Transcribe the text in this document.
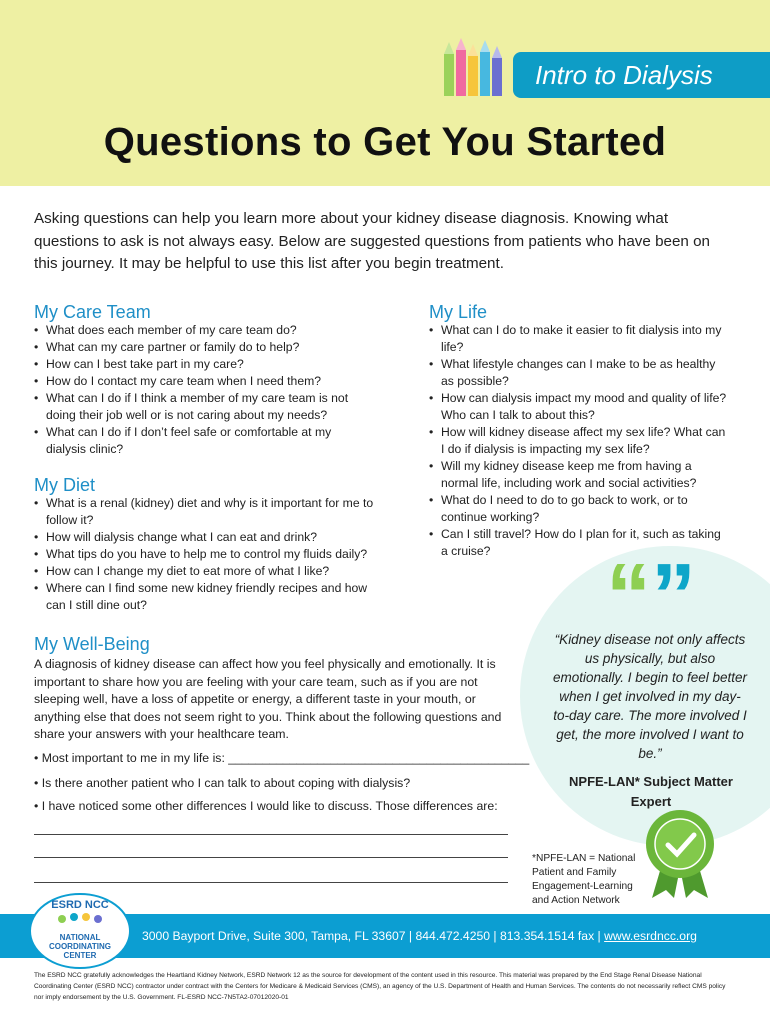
Intro to Dialysis
Questions to Get You Started
Asking questions can help you learn more about your kidney disease diagnosis. Knowing what questions to ask is not always easy. Below are suggested questions from patients who have been on this journey. It may be helpful to use this list after you begin treatment.
My Care Team
• What does each member of my care team do?
• What can my care partner or family do to help?
• How can I best take part in my care?
• How do I contact my care team when I need them?
• What can I do if I think a member of my care team is not doing their job well or is not caring about my needs?
• What can I do if I don’t feel safe or comfortable at my dialysis clinic?
My Diet
• What is a renal (kidney) diet and why is it important for me to follow it?
• How will dialysis change what I can eat and drink?
• What tips do you have to help me to control my fluids daily?
• How can I change my diet to eat more of what I like?
• Where can I find some new kidney friendly recipes and how can I still dine out?
My Life
• What can I do to make it easier to fit dialysis into my life?
• What lifestyle changes can I make to be as healthy as possible?
• How can dialysis impact my mood and quality of life? Who can I talk to about this?
• How will kidney disease affect my sex life? What can I do if dialysis is impacting my sex life?
• Will my kidney disease keep me from having a normal life, including work and social activities?
• What do I need to do to go back to work, or to continue working?
• Can I still travel? How do I plan for it, such as taking a cruise?	“”
“Kidney disease not only affects us physically, but also emotionally. I begin to feel better when I get involved in my day-to-day care. The more involved I get, the more involved I want to be.”
NPFE-LAN* Subject Matter Expert
*NPFE-LAN = National Patient and Family Engagement-Learning and Action Network
My Well-Being
A diagnosis of kidney disease can affect how you feel physically and emotionally. It is important to share how you are feeling with your care team, such as if you are not sleeping well, have a loss of appetite or energy, a different taste in your mouth, or anything else that does not seem right to you. Think about the following questions and share your answers with your healthcare team.
• Most important to me in my life is: ____________________________________________
• Is there another patient who I can talk to about coping with dialysis?
• I have noticed some other differences I would like to discuss. Those differences are:
3000 Bayport Drive, Suite 300, Tampa, FL 33607 | 844.472.4250 | 813.354.1514 fax | www.esrdncc.org
ESRD NCC
NATIONAL
COORDINATING
CENTER
The ESRD NCC gratefully acknowledges the Heartland Kidney Network, ESRD Network 12 as the source for development of the content used in this resource. This material was prepared by the End Stage Renal Disease National Coordinating Center (ESRD NCC) contractor under contract with the Centers for Medicare & Medicaid Services (CMS), an agency of the U.S. Department of Health and Human Services. The contents do not necessarily reflect CMS policy nor imply endorsement by the U.S. Government. FL-ESRD NCC-7N5TA2-07012020-01
